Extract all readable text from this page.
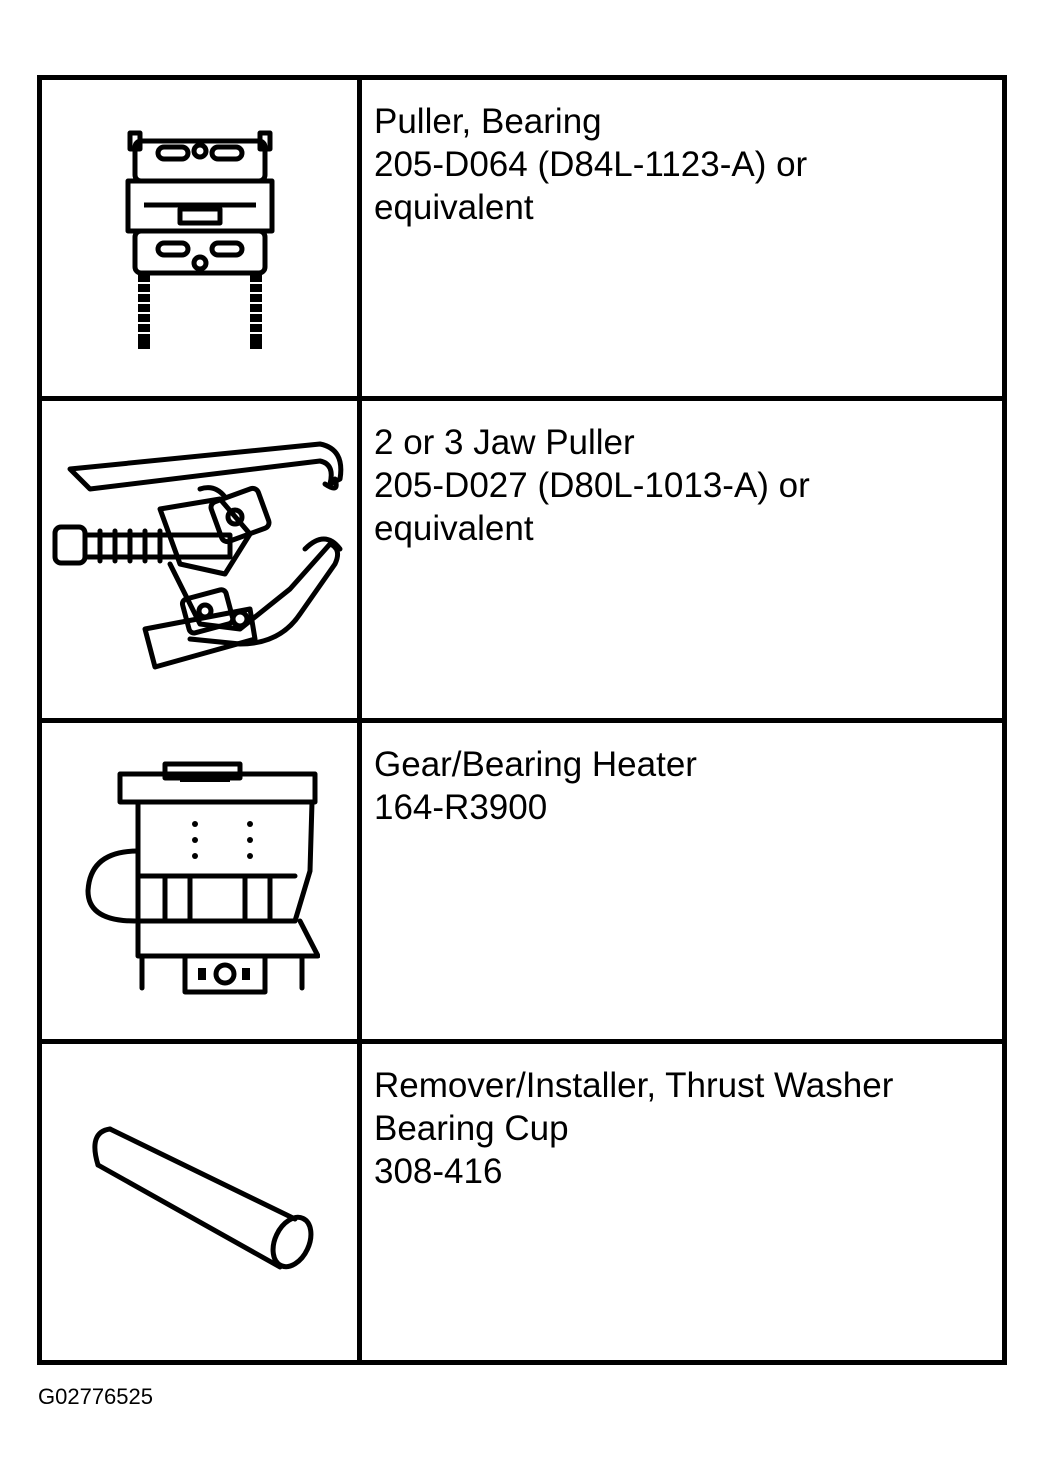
Puller, Bearing
205-D064 (D84L-1123-A) or
equivalent
2 or 3 Jaw Puller
205-D027 (D80L-1013-A) or
equivalent
Gear/Bearing Heater
164-R3900
Remover/Installer, Thrust Washer
Bearing Cup
308-416
G02776525
